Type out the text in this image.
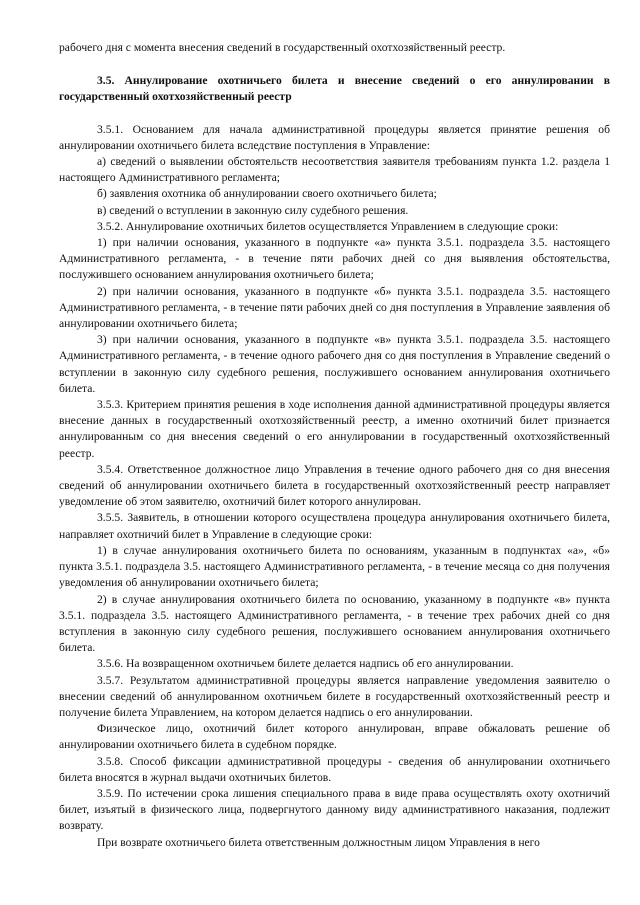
рабочего дня с момента внесения сведений в государственный охотхозяйственный реестр.

3.5. Аннулирование охотничьего билета и внесение сведений о его аннулировании в государственный охотхозяйственный реестр

3.5.1. Основанием для начала административной процедуры является принятие решения об аннулировании охотничьего билета вследствие поступления в Управление:

а) сведений о выявлении обстоятельств несоответствия заявителя требованиям пункта 1.2. раздела 1 настоящего Административного регламента;

б) заявления охотника об аннулировании своего охотничьего билета;

в) сведений о вступлении в законную силу судебного решения.

3.5.2. Аннулирование охотничьих билетов осуществляется Управлением в следующие сроки:

1) при наличии основания, указанного в подпункте «а» пункта 3.5.1. подраздела 3.5. настоящего Административного регламента, - в течение пяти рабочих дней со дня выявления обстоятельства, послужившего основанием аннулирования охотничьего билета;

2) при наличии основания, указанного в подпункте «б» пункта 3.5.1. подраздела 3.5. настоящего Административного регламента, - в течение пяти рабочих дней со дня поступления в Управление заявления об аннулировании охотничьего билета;

3) при наличии основания, указанного в подпункте «в» пункта 3.5.1. подраздела 3.5. настоящего Административного регламента, - в течение одного рабочего дня со дня поступления в Управление сведений о вступлении в законную силу судебного решения, послужившего основанием аннулирования охотничьего билета.

3.5.3. Критерием принятия решения в ходе исполнения данной административной процедуры является внесение данных в государственный охотхозяйственный реестр, а именно охотничий билет признается аннулированным со дня внесения сведений о его аннулировании в государственный охотхозяйственный реестр.

3.5.4. Ответственное должностное лицо Управления в течение одного рабочего дня со дня внесения сведений об аннулировании охотничьего билета в государственный охотхозяйственный реестр направляет уведомление об этом заявителю, охотничий билет которого аннулирован.

3.5.5. Заявитель, в отношении которого осуществлена процедура аннулирования охотничьего билета, направляет охотничий билет в Управление в следующие сроки:

1) в случае аннулирования охотничьего билета по основаниям, указанным в подпунктах «а», «б» пункта 3.5.1. подраздела 3.5. настоящего Административного регламента, - в течение месяца со дня получения уведомления об аннулировании охотничьего билета;

2) в случае аннулирования охотничьего билета по основанию, указанному в подпункте «в» пункта 3.5.1. подраздела 3.5. настоящего Административного регламента, - в течение трех рабочих дней со дня вступления в законную силу судебного решения, послужившего основанием аннулирования охотничьего билета.

3.5.6. На возвращенном охотничьем билете делается надпись об его аннулировании.

3.5.7. Результатом административной процедуры является направление уведомления заявителю о внесении сведений об аннулированном охотничьем билете в государственный охотхозяйственный реестр и получение билета Управлением, на котором делается надпись о его аннулировании.

Физическое лицо, охотничий билет которого аннулирован, вправе обжаловать решение об аннулировании охотничьего билета в судебном порядке.

3.5.8. Способ фиксации административной процедуры - сведения об аннулировании охотничьего билета вносятся в журнал выдачи охотничьих билетов.

3.5.9. По истечении срока лишения специального права в виде права осуществлять охоту охотничий билет, изъятый в физического лица, подвергнутого данному виду административного наказания, подлежит возврату.

При возврате охотничьего билета ответственным должностным лицом Управления в него
